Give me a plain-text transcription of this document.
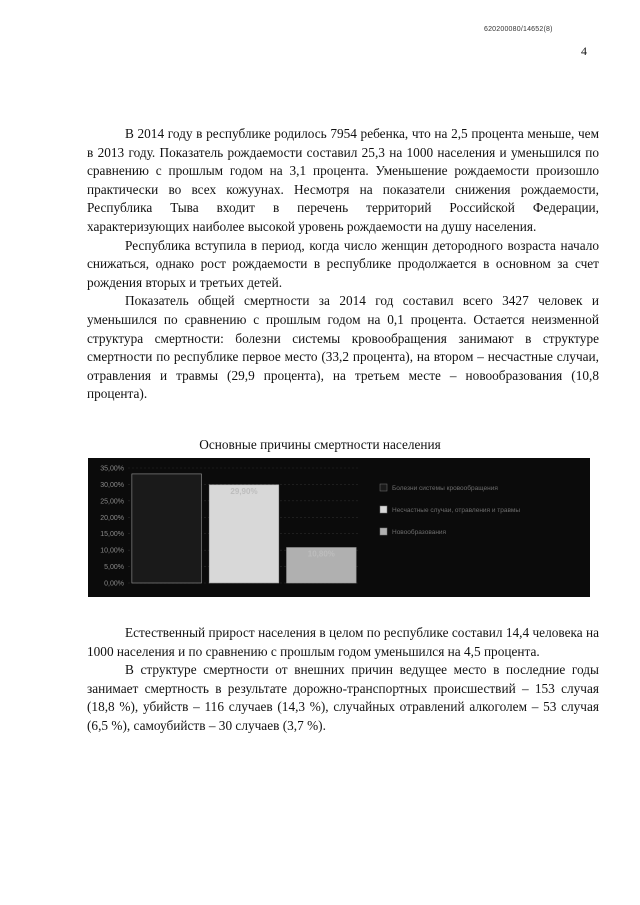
620200080/14652(8)
4

В 2014 году в республике родилось 7954 ребенка, что на 2,5 процента меньше, чем в 2013 году. Показатель рождаемости составил 25,3 на 1000 населения и уменьшился по сравнению с прошлым годом на 3,1 процента. Уменьшение рождаемости произошло практически во всех кожуунах. Несмотря на показатели снижения рождаемости, Республика Тыва входит в перечень территорий Российской Федерации, характеризующих наиболее высокой уровень рождаемости на душу населения.

Республика вступила в период, когда число женщин детородного возраста начало снижаться, однако рост рождаемости в республике продолжается в основном за счет рождения вторых и третьих детей.

Показатель общей смертности за 2014 год составил всего 3427 человек и уменьшился по сравнению с прошлым годом на 0,1 процента. Остается неизменной структура смертности: болезни системы кровообращения занимают в структуре смертности по республике первое место (33,2 процента), на втором – несчастные случаи, отравления и травмы (29,9 процента), на третьем месте – новообразования (10,8 процента).

Основные причины смертности населения
0,00%
5,00%
10,00%
15,00%
20,00%
25,00%
30,00%
35,00%
29,90%
10,80%
Болезни системы кровообращения
Несчастные случаи, отравления и травмы
Новообразования

Естественный прирост населения в целом по республике составил 14,4 человека на 1000 населения и по сравнению с прошлым годом уменьшился на 4,5 процента.

В структуре смертности от внешних причин ведущее место в последние годы занимает смертность в результате дорожно-транспортных происшествий – 153 случая (18,8 %), убийств – 116 случаев (14,3 %), случайных отравлений алкоголем – 53 случая (6,5 %), самоубийств – 30 случаев (3,7 %).
